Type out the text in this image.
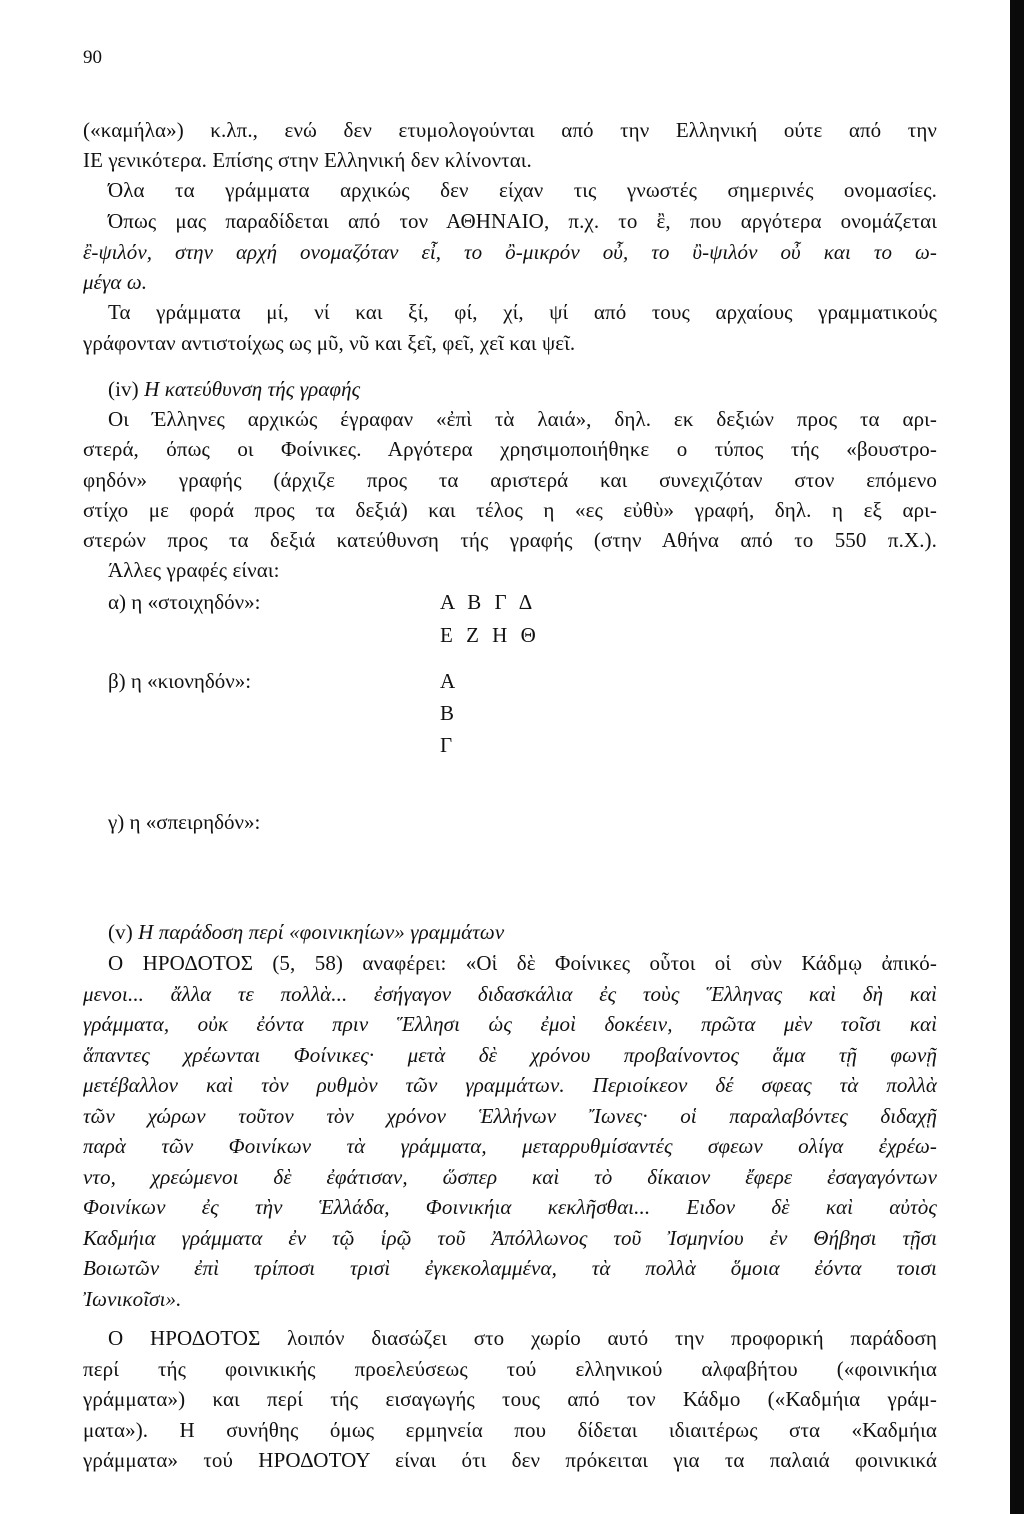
90
(«καμήλα») κ.λπ., ενώ δεν ετυμολογούνται από την Ελληνική ούτε από την
ΙΕ γενικότερα. Επίσης στην Ελληνική δεν κλίνονται.
Όλα τα γράμματα αρχικώς δεν είχαν τις γνωστές σημερινές ονομασίες.
Όπως μας παραδίδεται από τον ΑΘΗΝΑΙΟ, π.χ. το ἒ, που αργότερα ονομάζεται
ἒ-ψιλόν, στην αρχή ονομαζόταν εἶ, το ὂ-μικρόν οὖ, το ὒ-ψιλόν οὖ και το ω-
μέγα ω.
Τα γράμματα μί, νί και ξί, φί, χί, ψί από τους αρχαίους γραμματικούς
γράφονταν αντιστοίχως ως μῦ, νῦ και ξεῖ, φεῖ, χεῖ και ψεῖ.
(iv) Η κατεύθυνση τής γραφής
Οι Έλληνες αρχικώς έγραφαν «ἐπὶ τὰ λαιά», δηλ. εκ δεξιών προς τα αρι-
στερά, όπως οι Φοίνικες. Αργότερα χρησιμοποιήθηκε ο τύπος τής «βουστρο-
φηδόν» γραφής (άρχιζε προς τα αριστερά και συνεχιζόταν στον επόμενο
στίχο με φορά προς τα δεξιά) και τέλος η «ες εὐθὺ» γραφή, δηλ. η εξ αρι-
στερών προς τα δεξιά κατεύθυνση τής γραφής (στην Αθήνα από το 550 π.Χ.).
Άλλες γραφές είναι:
α) η «στοιχηδόν»:	Α Β Γ Δ
Ε Ζ Η Θ
β) η «κιονηδόν»:	Α
Β
Γ
γ) η «σπειρηδόν»:
(v) Η παράδοση περί «φοινικηίων» γραμμάτων
Ο ΗΡΟΔΟΤΟΣ (5, 58) αναφέρει: «Οἱ δὲ Φοίνικες οὗτοι οἱ σὺν Κάδμῳ ἀπικό-
μενοι... ἄλλα τε πολλὰ... ἐσήγαγον διδασκάλια ἐς τοὺς Ἕλληνας καὶ δὴ καὶ
γράμματα, οὐκ ἐόντα πριν Ἕλλησι ὡς ἐμοὶ δοκέειν, πρῶτα μὲν τοῖσι καὶ
ἅπαντες χρέωνται Φοίνικες· μετὰ δὲ χρόνου προβαίνοντος ἅμα τῇ φωνῇ
μετέβαλλον καὶ τὸν ρυθμὸν τῶν γραμμάτων. Περιοίκεον δέ σφεας τὰ πολλὰ
τῶν χώρων τοῦτον τὸν χρόνον Ἑλλήνων Ἴωνες· οἱ παραλαβόντες διδαχῇ
παρὰ τῶν Φοινίκων τὰ γράμματα, μεταρρυθμίσαντές σφεων ολίγα ἐχρέω-
ντο, χρεώμενοι δὲ ἐφάτισαν, ὥσπερ καὶ τὸ δίκαιον ἔφερε ἐσαγαγόντων
Φοινίκων ἐς τὴν Ἑλλάδα, Φοινικήια κεκλῆσθαι... Ειδον δὲ καὶ αὐτὸς
Καδμήια γράμματα ἐν τῷ ἱρῷ τοῦ Ἀπόλλωνος τοῦ Ἰσμηνίου ἐν Θήβησι τῇσι
Βοιωτῶν ἐπὶ τρίποσι τρισὶ ἐγκεκολαμμένα, τὰ πολλὰ ὅμοια ἐόντα τοισι
Ἰωνικοῖσι».
Ο ΗΡΟΔΟΤΟΣ λοιπόν διασώζει στο χωρίο αυτό την προφορική παράδοση
περί τής φοινικικής προελεύσεως τού ελληνικού αλφαβήτου («φοινικήια
γράμματα») και περί τής εισαγωγής τους από τον Κάδμο («Καδμήια γράμ-
ματα»). Η συνήθης όμως ερμηνεία που δίδεται ιδιαιτέρως στα «Καδμήια
γράμματα» τού ΗΡΟΔΟΤΟΥ είναι ότι δεν πρόκειται για τα παλαιά φοινικικά
